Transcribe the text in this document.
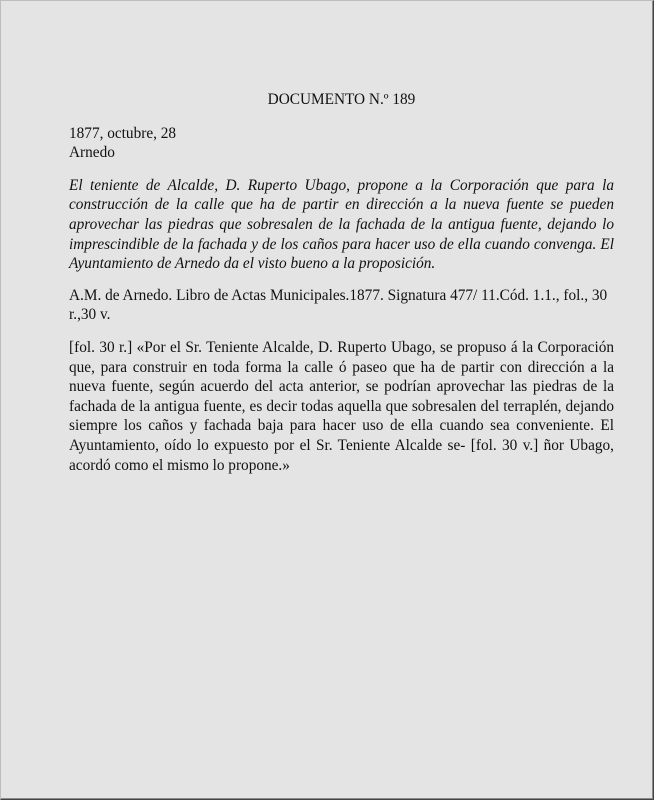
DOCUMENTO N.º 189

1877, octubre, 28

Arnedo

El teniente de Alcalde, D. Ruperto Ubago, propone a la Corporación que para la construcción de la calle que ha de partir en dirección a la nueva fuente se pueden aprovechar las piedras que sobresalen de la fachada de la antigua fuente, dejando lo imprescindible de la fachada y de los caños para hacer uso de ella cuando convenga. El Ayuntamiento de Arnedo da el visto bueno a la proposición.

A.M. de Arnedo. Libro de Actas Municipales.1877. Signatura 477/ 11.Cód. 1.1., fol., 30 r.,30 v.

[fol. 30 r.] «Por el Sr. Teniente Alcalde, D. Ruperto Ubago, se propuso á la Corporación que, para construir en toda forma la calle ó paseo que ha de partir con dirección a la nueva fuente, según acuerdo del acta anterior, se podrían aprovechar las piedras de la fachada de la antigua fuente, es decir todas aquella que sobresalen del terraplén, dejando siempre los caños y fachada baja para hacer uso de ella cuando sea conveniente. El Ayuntamiento, oído lo expuesto por el Sr. Teniente Alcalde se- [fol. 30 v.] ñor Ubago, acordó como el mismo lo propone.»
